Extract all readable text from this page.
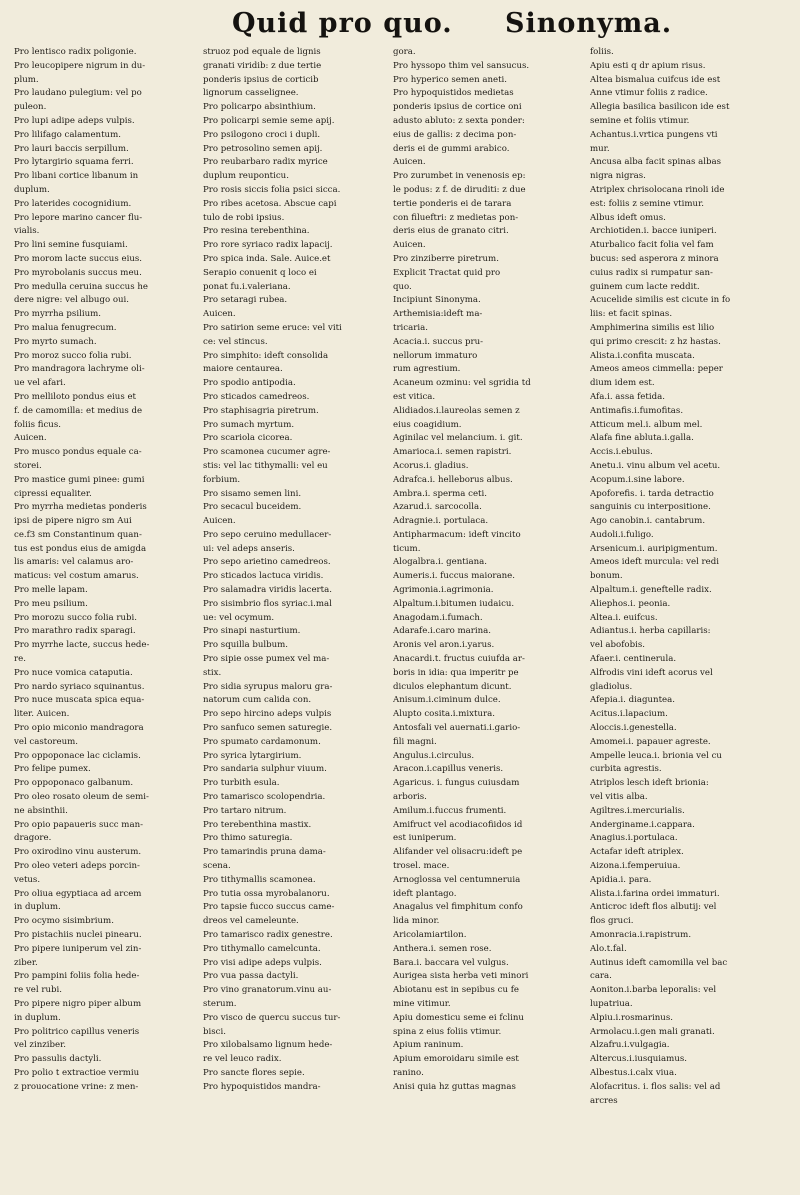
Quid pro quo. Sinonyma.
Pro lentisco radix poligonie.
Pro leucopipere nigrum in du-
plum.
Pro laudano pulegium: vel po
puleon.
Pro lupi adipe adeps vulpis.
Pro lilifago calamentum.
Pro lauri baccis serpillum.
Pro lytargirio squama ferri.
Pro libani cortice libanum in
duplum.
Pro laterides cocognidium.
Pro lepore marino cancer flu-
vialis.
Pro lini semine fusquiami.
Pro morom lacte succus eius.
Pro myrobolanis succus meu.
Pro medulla ceruina succus he
dere nigre: vel albugo oui.
Pro myrrha psilium.
Pro malua fenugrecum.
Pro myrto sumach.
Pro moroz succo folia rubi.
Pro mandragora lachryme oli-
ue vel afari.
Pro melliloto pondus eius et
f. de camomilla: et medius de
foliis ficus.
Auicen.
Pro musco pondus equale ca-
storei.
Pro mastice gumi pinee: gumi
cipressi equaliter.
Pro myrrha medietas ponderis
ipsi de pipere nigro sm Aui
ce.f3 sm Constantinum quan-
tus est pondus eius de amigda
lis amaris: vel calamus aro-
maticus: vel costum amarus.
Pro melle lapam.
Pro meu psilium.
Pro morozu succo folia rubi.
Pro marathro radix sparagi.
Pro myrrhe lacte, succus hede-
re.
Pro nuce vomica cataputia.
Pro nardo syriaco squinantus.
Pro nuce muscata spica equa-
liter. Auicen.
Pro opio miconio mandragora
vel castoreum.
Pro oppoponace lac ciclamis.
Pro felipe pumex.
Pro oppoponaco galbanum.
Pro oleo rosato oleum de semi-
ne absinthii.
Pro opio papaueris succ man-
dragore.
Pro oxirodino vinu austerum.
Pro oleo veteri adeps porcin-
vetus.
Pro oliua egyptiaca ad arcem
in duplum.
Pro ocymo sisimbrium.
Pro pistachiis nuclei pinearu.
Pro pipere iuniperum vel zin-
ziber.
Pro pampini foliis folia hede-
re vel rubi.
Pro pipere nigro piper album
in duplum.
Pro politrico capillus veneris
vel zinziber.
Pro passulis dactyli.
Pro polio t extractioe vermiu
z prouocatione vrine: z men-
struoz pod equale de lignis
granati viridib: z due tertie
ponderis ipsius de corticib
lignorum casselignee.
Pro policarpo absinthium.
Pro policarpi semie seme apij.
Pro psilogono croci i dupli.
Pro petrosolino semen apij.
Pro reubarbaro radix myrice
duplum reuponticu.
Pro rosis siccis folia psici sicca.
Pro ribes acetosa. Abscue capi
tulo de robi ipsius.
Pro resina terebenthina.
Pro rore syriaco radix lapacij.
Pro spica inda. Sale. Auice.et
Serapio conuenit q loco ei
ponat fu.i.valeriana.
Pro setaragi rubea.
Auicen.
Pro satirion seme eruce: vel viti
ce: vel stincus.
Pro simphito: ideft consolida
maiore centaurea.
Pro spodio antipodia.
Pro sticados camedreos.
Pro staphisagria piretrum.
Pro sumach myrtum.
Pro scariola cicorea.
Pro scamonea cucumer agre-
stis: vel lac tithymalli: vel eu
forbium.
Pro sisamo semen lini.
Pro secacul buceidem.
Auicen.
Pro sepo ceruino medullacer-
ui: vel adeps anseris.
Pro sepo arietino camedreos.
Pro sticados lactuca viridis.
Pro salamadra viridis lacerta.
Pro sisimbrio flos syriac.i.mal
ue: vel ocymum.
Pro sinapi nasturtium.
Pro squilla bulbum.
Pro sipie osse pumex vel ma-
stix.
Pro sidia syrupus maloru gra-
natorum cum calida con.
Pro sepo hircino adeps vulpis
Pro sanfuco semen saturegie.
Pro spumato cardamonum.
Pro syrica lytargirium.
Pro sandaria sulphur viuum.
Pro turbith esula.
Pro tamarisco scolopendria.
Pro tartaro nitrum.
Pro terebenthina mastix.
Pro thimo saturegia.
Pro tamarindis pruna dama-
scena.
Pro tithymallis scamonea.
Pro tutia ossa myrobalanoru.
Pro tapsie fucco succus came-
dreos vel cameleunte.
Pro tamarisco radix genestre.
Pro tithymallo camelcunta.
Pro visi adipe adeps vulpis.
Pro vua passa dactyli.
Pro vino granatorum.vinu au-
sterum.
Pro visco de quercu succus tur-
bisci.
Pro xilobalsamo lignum hede-
re vel leuco radix.
Pro sancte flores sepie.
Pro hypoquistidos mandra-
gora.
Pro hyssopo thim vel sansucus.
Pro hyperico semen aneti.
Pro hypoquistidos medietas
ponderis ipsius de cortice oni
adusto abluto: z sexta ponder:
eius de gallis: z decima pon-
deris ei de gummi arabico.
Auicen.
Pro zurumbet in venenosis ep:
le podus: z f. de diruditi: z due
tertie ponderis ei de tarara
con filueftri: z medietas pon-
deris eius de granato citri.
Auicen.
Pro zinziberre piretrum.
Explicit Tractat quid pro
quo.
Incipiunt Sinonyma.
Arthemisia:ideft ma-
tricaria.
Acacia.i. succus pru-
nellorum immaturo
rum agrestium.
Acaneum ozminu: vel sgridia td
est vitica.
Alidiados.i.laureolas semen z
eius coagidium.
Aginilac vel melancium. i. git.
Amarioca.i. semen rapistri.
Acorus.i. gladius.
Adrafca.i. helleborus albus.
Ambra.i. sperma ceti.
Azarud.i. sarcocolla.
Adragnie.i. portulaca.
Antipharmacum: ideft vincito
ticum.
Alogalbra.i. gentiana.
Aumeris.i. fuccus maiorane.
Agrimonia.i.agrimonia.
Alpaltum.i.bitumen iudaicu.
Anagodam.i.fumach.
Adarafe.i.caro marina.
Aronis vel aron.i.yarus.
Anacardi.t. fructus cuiufda ar-
boris in idia: qua imperitr pe
diculos elephantum dicunt.
Anisum.i.ciminum dulce.
Alupto cosita.i.mixtura.
Antosfali vel auernati.i.gario-
fili magni.
Angulus.i.circulus.
Aracon.i.capillus veneris.
Agaricus. i. fungus cuiusdam
arboris.
Amilum.i.fuccus frumenti.
Amifruct vel acodiacofiidos id
est iuniperum.
Alifander vel olisacru:ideft pe
trosel. mace.
Arnoglossa vel centumneruia
ideft plantago.
Anagalus vel fimphitum confo
lida minor.
Aricolamiartilon.
Anthera.i. semen rose.
Bara.i. baccara vel vulgus.
Aurigea sista herba veti minori
Abiotanu est in sepibus cu fe
mine vitimur.
Apiu domesticu seme ei fclinu
spina z eius foliis vtimur.
Apium raninum.
Apium emoroidaru simile est
ranino.
Anisi quia hz guttas magnas
foliis.
Apiu esti q dr apium risus.
Altea bismalua cuifcus ide est
Anne vtimur foliis z radice.
Allegia basilica basilicon ide est
semine et foliis vtimur.
Achantus.i.vrtica pungens vti
mur.
Ancusa alba facit spinas albas
nigra nigras.
Atriplex chrisolocana rinoli ide
est: foliis z semine vtimur.
Albus ideft omus.
Archiotiden.i. bacce iuniperi.
Aturbalico facit folia vel fam
bucus: sed asperora z minora
cuius radix si rumpatur san-
guinem cum lacte reddit.
Acucelide similis est cicute in fo
liis: et facit spinas.
Amphimerina similis est lilio
qui primo crescit: z hz hastas.
Alista.i.confita muscata.
Ameos ameos cimmella: peper
dium idem est.
Afa.i. assa fetida.
Antimafis.i.fumofitas.
Atticum mel.i. album mel.
Alafa fine abluta.i.galla.
Accis.i.ebulus.
Anetu.i. vinu album vel acetu.
Acopum.i.sine labore.
Apoforefis. i. tarda detractio
sanguinis cu interpositione.
Ago canobin.i. cantabrum.
Audoli.i.fuligo.
Arsenicum.i. auripigmentum.
Ameos ideft murcula: vel redi
bonum.
Alpaltum.i. geneftelle radix.
Aliephos.i. peonia.
Altea.i. euifcus.
Adiantus.i. herba capillaris:
vel abofobis.
Afaer.i. centinerula.
Alfrodis vini ideft acorus vel
gladiolus.
Afepia.i. diaguntea.
Acitus.i.lapacium.
Aloccis.i.genestella.
Amomei.i. papauer agreste.
Ampelle leuca.i. brionia vel cu
curbita agrestis.
Atriplos lesch ideft brionia:
vel vitis alba.
Agiltres.i.mercurialis.
Anderginame.i.cappara.
Anagius.i.portulaca.
Actafar ideft atriplex.
Aizona.i.femperuiua.
Apidia.i. para.
Alista.i.farina ordei immaturi.
Anticroc ideft flos albutij: vel
flos gruci.
Amonracia.i.rapistrum.
Alo.t.fal.
Autinus ideft camomilla vel bac
cara.
Aoniton.i.barba leporalis: vel
lupatriua.
Alpiu.i.rosmarinus.
Armolacu.i.gen mali granati.
Alzafru.i.vulgagia.
Altercus.i.iusquiamus.
Albestus.i.calx viua.
Alofacritus. i. flos salis: vel ad
arcres
